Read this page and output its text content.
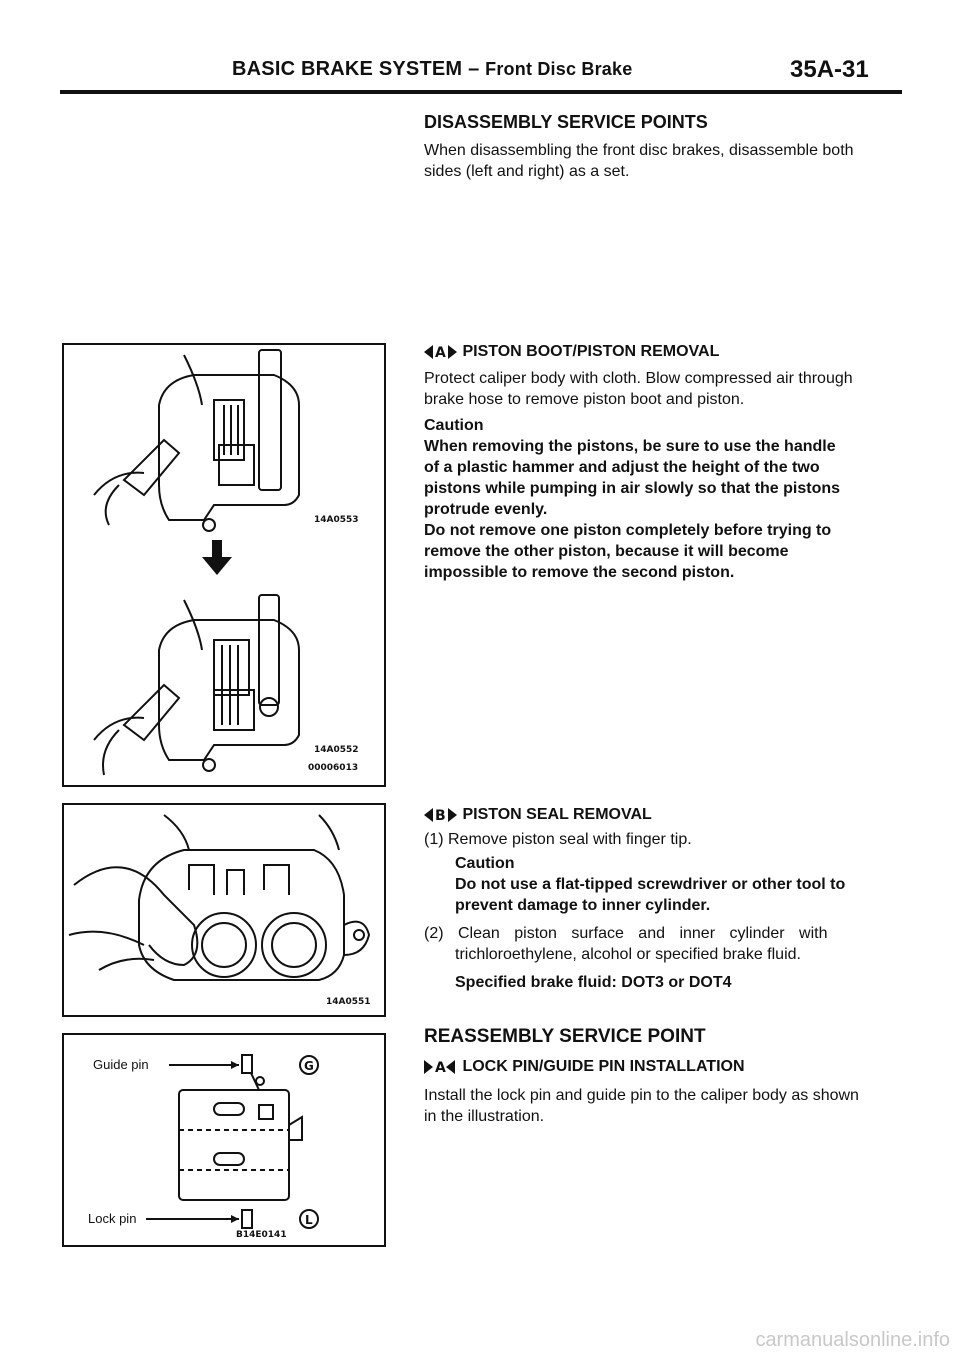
BASIC BRAKE SYSTEM – Front Disc Brake	35A-31
DISASSEMBLY SERVICE POINTS
When disassembling the front disc brakes, disassemble both
sides (left and right) as a set.
A PISTON BOOT/PISTON REMOVAL
Protect caliper body with cloth. Blow compressed air through
brake hose to remove piston boot and piston.
Caution
When removing the pistons, be sure to use the handle
of a plastic hammer and adjust the height of the two
pistons while pumping in air slowly so that the pistons
protrude evenly.
Do not remove one piston completely before trying to
remove the other piston, because it will become
impossible to remove the second piston.
B PISTON SEAL REMOVAL
(1) Remove piston seal with finger tip.
Caution
Do not use a flat-tipped screwdriver or other tool to
prevent damage to inner cylinder.
(2) Clean piston surface and inner cylinder with
trichloroethylene, alcohol or specified brake fluid.
Specified brake fluid: DOT3 or DOT4
REASSEMBLY SERVICE POINT
A LOCK PIN/GUIDE PIN INSTALLATION
Install the lock pin and guide pin to the caliper body as shown
in the illustration.
14A0553
14A0552
00006013
14A0551
G
L
Guide pin
Lock pin
B14E0141
carmanualsonline.info
